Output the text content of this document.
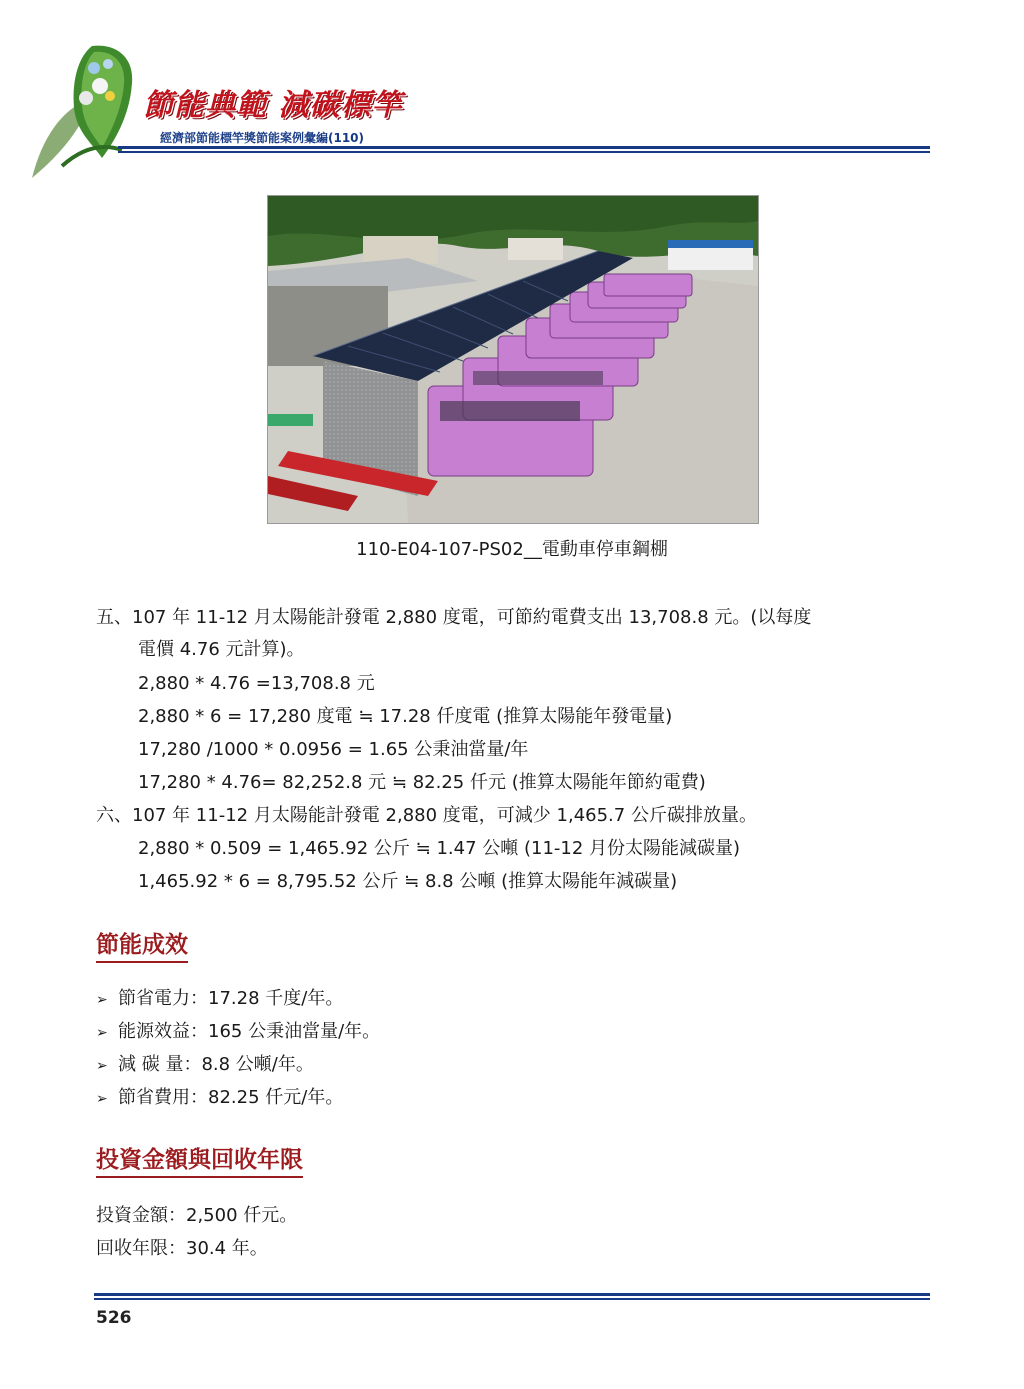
節能典範 減碳標竿
經濟部節能標竿獎節能案例彙編(110)
110-E04-107-PS02__電動車停車鋼棚
五、107 年 11-12 月太陽能計發電 2,880 度電，可節約電費支出 13,708.8 元。(以每度
電價 4.76 元計算)。
2,880 * 4.76 =13,708.8 元
2,880 * 6 = 17,280 度電 ≒ 17.28 仟度電 (推算太陽能年發電量)
17,280 /1000 * 0.0956 = 1.65 公秉油當量/年
17,280 * 4.76= 82,252.8 元 ≒ 82.25 仟元 (推算太陽能年節約電費)
六、107 年 11-12 月太陽能計發電 2,880 度電，可減少 1,465.7 公斤碳排放量。
2,880 * 0.509 = 1,465.92 公斤 ≒ 1.47 公噸 (11-12 月份太陽能減碳量)
1,465.92 * 6 = 8,795.52 公斤 ≒ 8.8 公噸 (推算太陽能年減碳量)
節能成效
➢ 節省電力：17.28 千度/年。
➢ 能源效益：165 公秉油當量/年。
➢ 減 碳 量：8.8 公噸/年。
➢ 節省費用：82.25 仟元/年。
投資金額與回收年限
投資金額：2,500 仟元。
回收年限：30.4 年。
526
